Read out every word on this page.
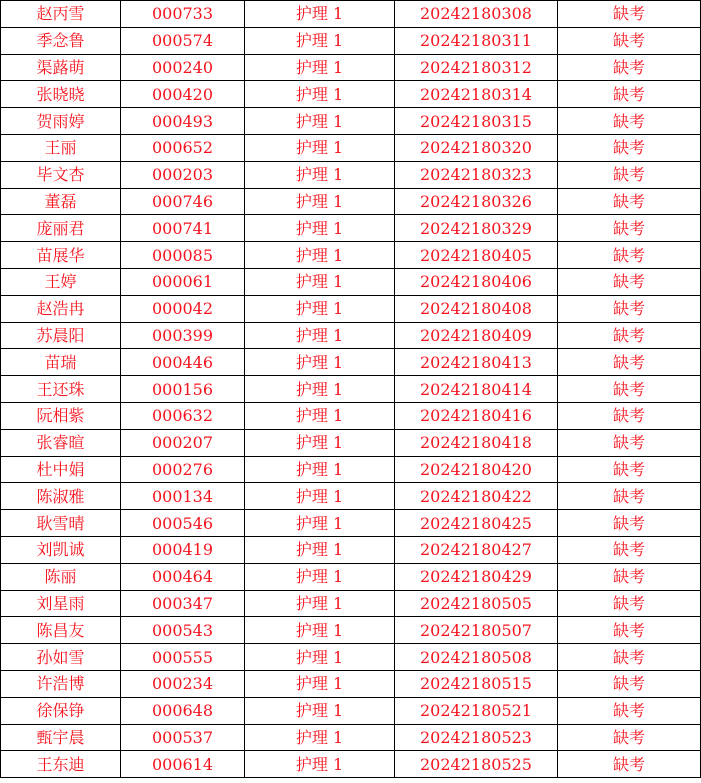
赵丙雪	000733	护理 1	20242180308	缺考
季念鲁	000574	护理 1	20242180311	缺考
渠蕗萌	000240	护理 1	20242180312	缺考
张晓晓	000420	护理 1	20242180314	缺考
贺雨婷	000493	护理 1	20242180315	缺考
王丽	000652	护理 1	20242180320	缺考
毕文杏	000203	护理 1	20242180323	缺考
董磊	000746	护理 1	20242180326	缺考
庞丽君	000741	护理 1	20242180329	缺考
苗展华	000085	护理 1	20242180405	缺考
王婷	000061	护理 1	20242180406	缺考
赵浩冉	000042	护理 1	20242180408	缺考
苏晨阳	000399	护理 1	20242180409	缺考
苗瑞	000446	护理 1	20242180413	缺考
王还珠	000156	护理 1	20242180414	缺考
阮相紫	000632	护理 1	20242180416	缺考
张睿暄	000207	护理 1	20242180418	缺考
杜中娟	000276	护理 1	20242180420	缺考
陈淑雅	000134	护理 1	20242180422	缺考
耿雪晴	000546	护理 1	20242180425	缺考
刘凯诚	000419	护理 1	20242180427	缺考
陈丽	000464	护理 1	20242180429	缺考
刘星雨	000347	护理 1	20242180505	缺考
陈昌友	000543	护理 1	20242180507	缺考
孙如雪	000555	护理 1	20242180508	缺考
许浩博	000234	护理 1	20242180515	缺考
徐保铮	000648	护理 1	20242180521	缺考
甄宇晨	000537	护理 1	20242180523	缺考
王东迪	000614	护理 1	20242180525	缺考
